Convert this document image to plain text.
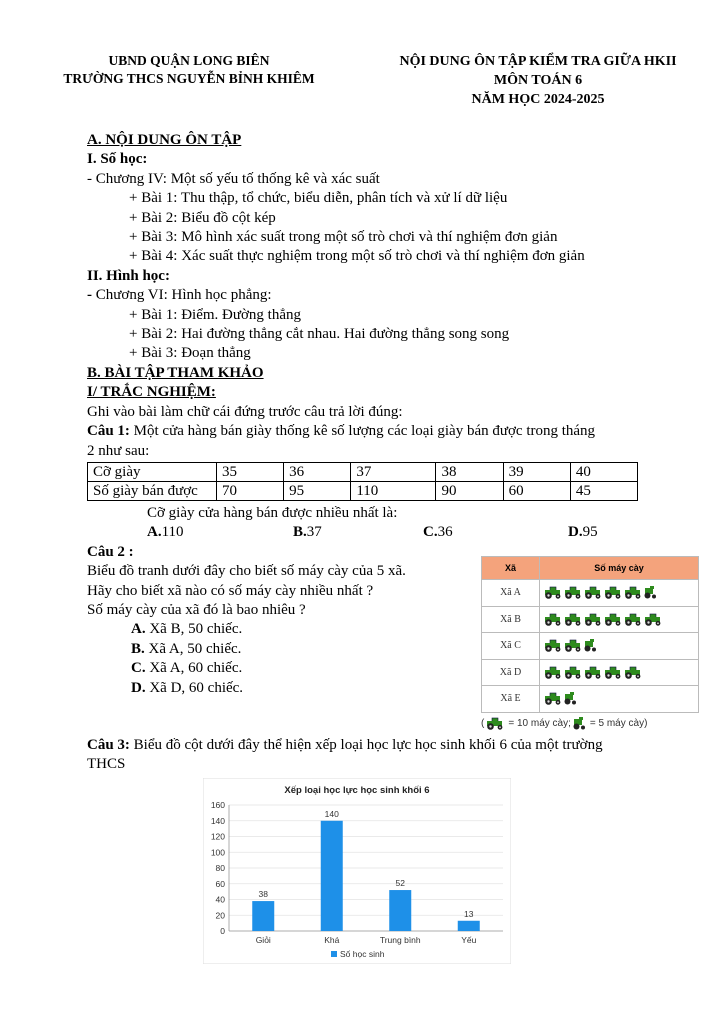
UBND QUẬN LONG BIÊN
TRƯỜNG THCS NGUYỄN BỈNH KHIÊM
NỘI DUNG ÔN TẬP KIỂM TRA GIỮA HKII
MÔN TOÁN 6
NĂM HỌC 2024-2025
A. NỘI DUNG ÔN TẬP
I. Số học:
- Chương IV: Một số yếu tố thống kê và xác suất
+ Bài 1: Thu thập, tổ chức, biểu diễn, phân tích và xử lí dữ liệu
+ Bài 2: Biểu đồ cột kép
+ Bài 3: Mô hình xác suất trong một số trò chơi và thí nghiệm đơn giản
+ Bài 4: Xác suất thực nghiệm trong một số trò chơi và thí nghiệm đơn giản
II. Hình học:
- Chương VI: Hình học phẳng:
+ Bài 1: Điểm. Đường thẳng
+ Bài 2: Hai đường thẳng cắt nhau. Hai đường thẳng song song
+ Bài 3: Đoạn thẳng
B. BÀI TẬP THAM KHẢO
I/ TRẮC NGHIỆM:
Ghi vào bài làm chữ cái đứng trước câu trả lời đúng:
Câu 1: Một cửa hàng bán giày thống kê số lượng các loại giày bán được trong tháng
2 như sau:
Cỡ giày	35	36	37	38	39	40
Số giày bán được	70	95	110	90	60	45
Cỡ giày cửa hàng bán được nhiều nhất là:
A.110	B.37	C.36	D.95
Câu 2 :
Biểu đồ tranh dưới đây cho biết số máy cày của 5 xã.
Hãy cho biết xã nào có số máy cày nhiều nhất ?
Số máy cày của xã đó là bao nhiêu ?
A. Xã B, 50 chiếc.
B. Xã A, 50 chiếc.
C. Xã A, 60 chiếc.
D. Xã D, 60 chiếc.
Câu 3: Biểu đồ cột dưới đây thể hiện xếp loại học lực học sinh khối 6 của một trường
THCS
Xã	Số máy cày
Xã A	
Xã B	
Xã C	
Xã D	
Xã E	
( = 10 máy cày; = 5 máy cày)
Xếp loại học lực học sinh khối 6
0
20
40
60
80
100
120
140
160
38
Giỏi
140
Khá
52
Trung bình
13
Yếu
Số học sinh
